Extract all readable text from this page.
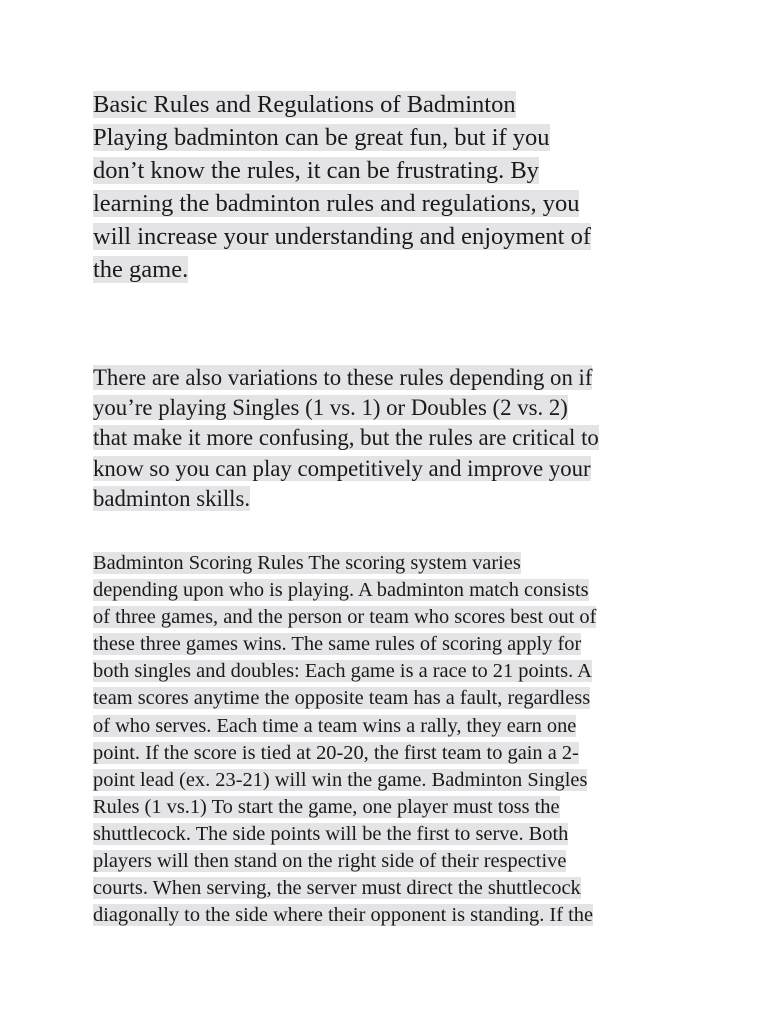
Basic Rules and Regulations of Badminton
Playing badminton can be great fun, but if you
don’t know the rules, it can be frustrating. By
learning the badminton rules and regulations, you
will increase your understanding and enjoyment of
the game.
There are also variations to these rules depending on if
you’re playing Singles (1 vs. 1) or Doubles (2 vs. 2)
that make it more confusing, but the rules are critical to
know so you can play competitively and improve your
badminton skills.
Badminton Scoring Rules The scoring system varies
depending upon who is playing. A badminton match consists
of three games, and the person or team who scores best out of
these three games wins. The same rules of scoring apply for
both singles and doubles: Each game is a race to 21 points. A
team scores anytime the opposite team has a fault, regardless
of who serves. Each time a team wins a rally, they earn one
point. If the score is tied at 20-20, the first team to gain a 2-
point lead (ex. 23-21) will win the game. Badminton Singles
Rules (1 vs.1) To start the game, one player must toss the
shuttlecock. The side points will be the first to serve. Both
players will then stand on the right side of their respective
courts. When serving, the server must direct the shuttlecock
diagonally to the side where their opponent is standing. If the
